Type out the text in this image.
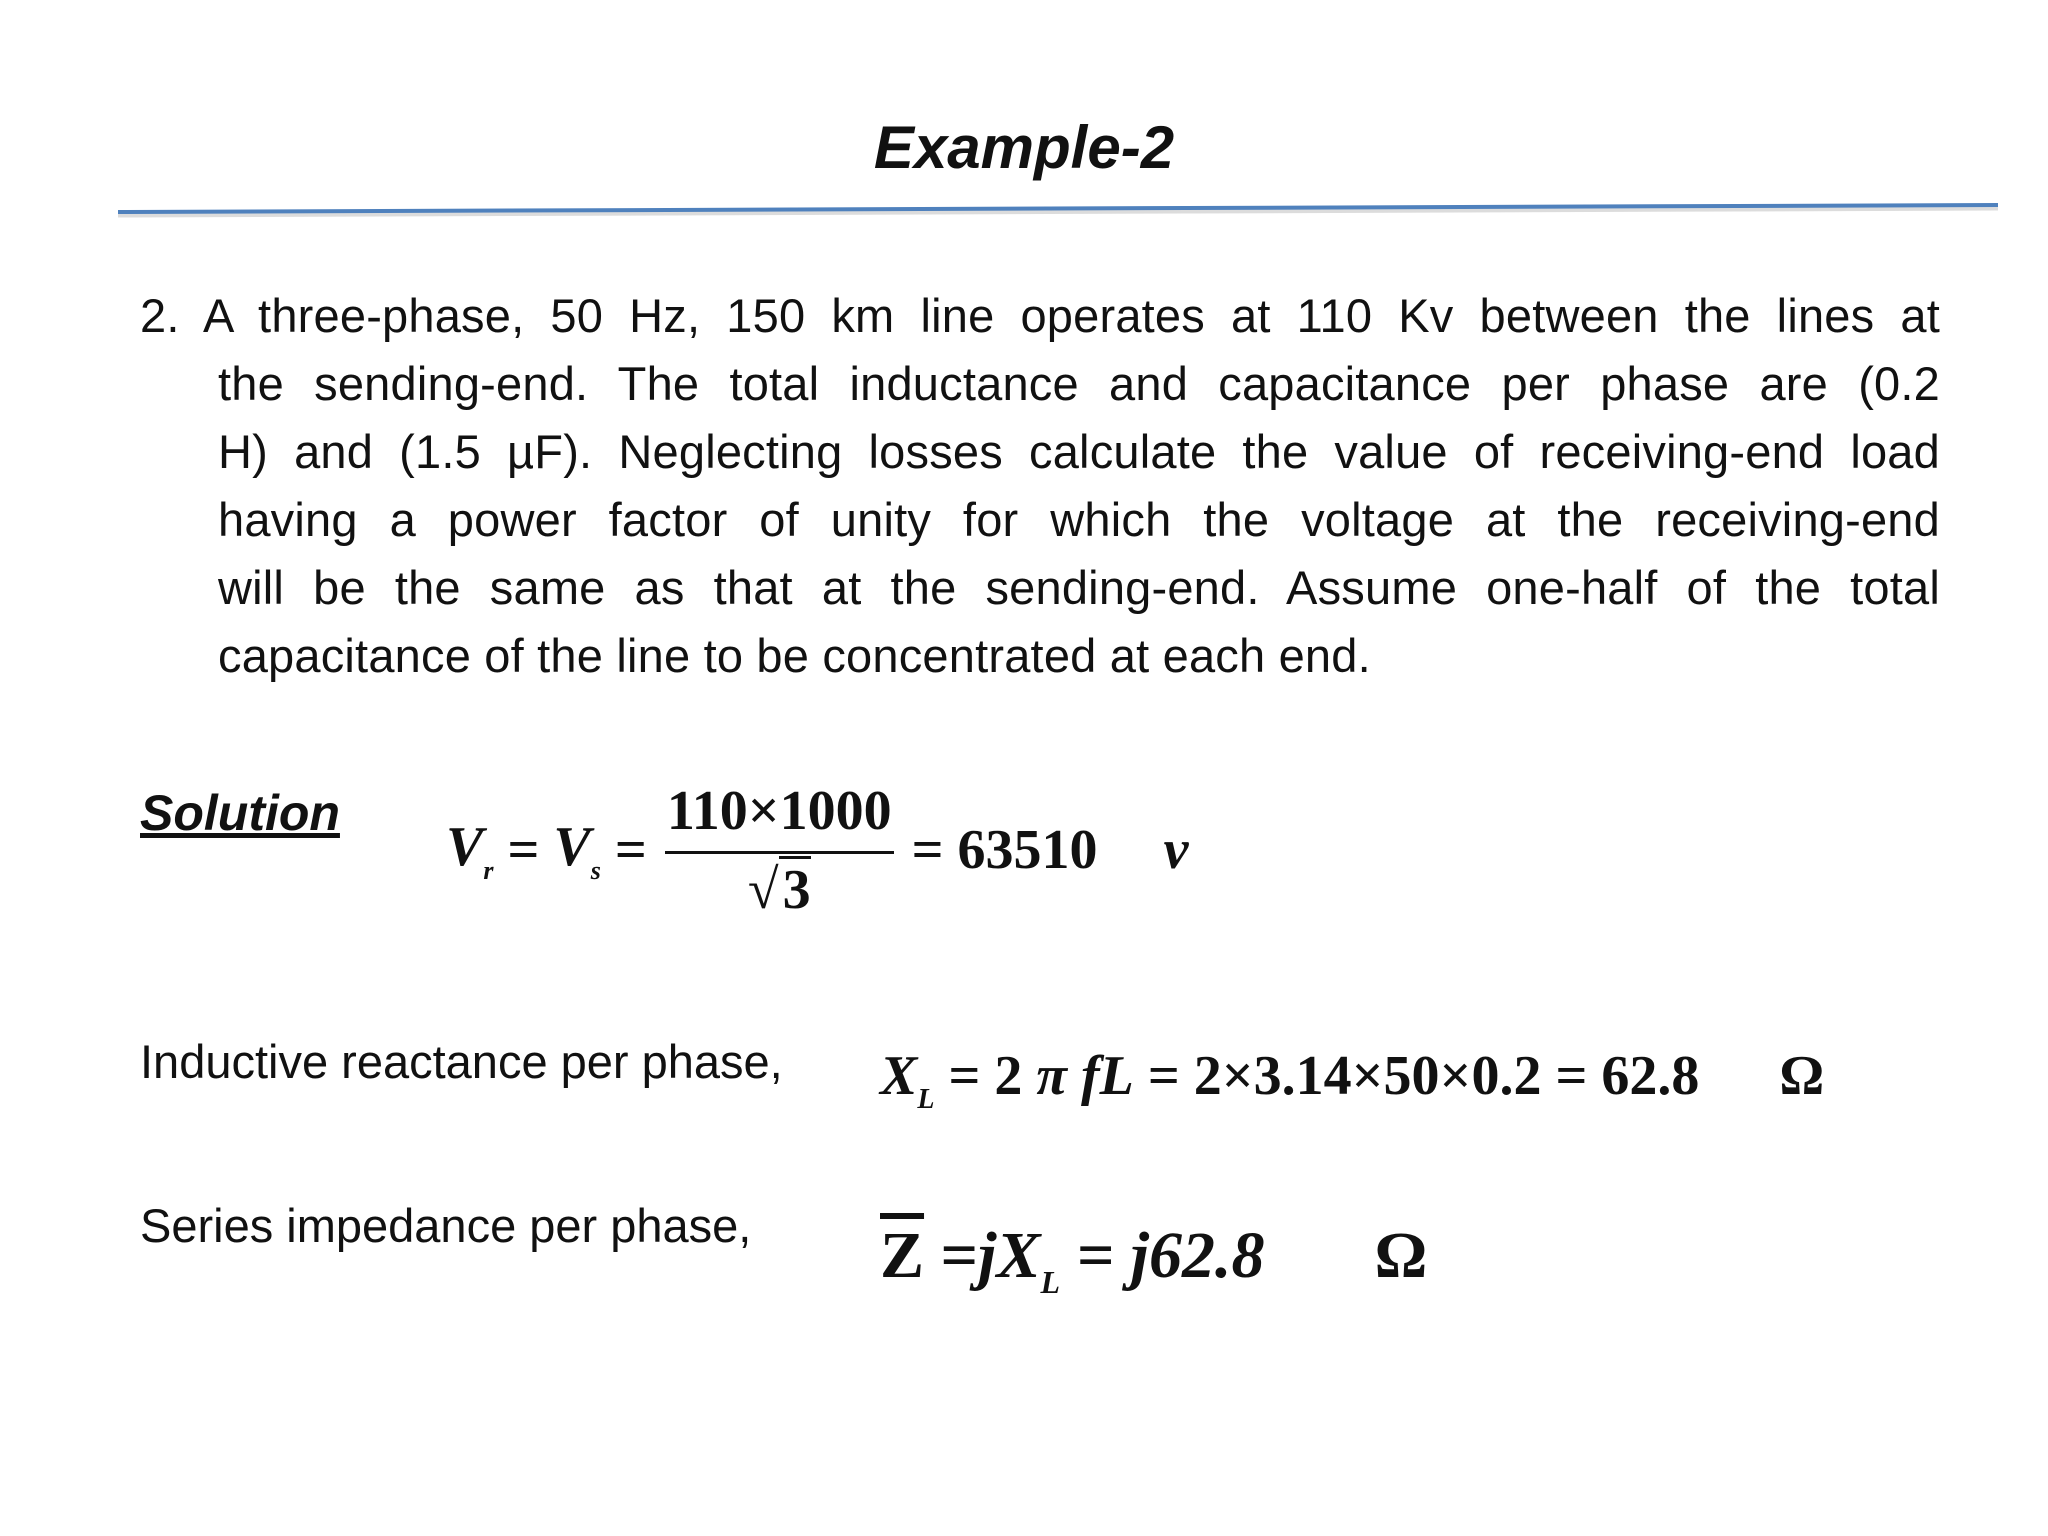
Example-2
2. A three-phase, 50 Hz, 150 km line operates at 110 Kv between the lines at
the sending-end. The total inductance and capacitance per phase are (0.2
H) and (1.5 µF). Neglecting losses calculate the value of receiving-end load
having a power factor of unity for which the voltage at the receiving-end
will be the same as that at the sending-end. Assume one-half of the total
capacitance of the line to be concentrated at each end.
Solution
$V_r = V_s = \frac{110\times 1000}{√3} = 63510$ v
Inductive reactance per phase, $X_L = 2$ π fL = 2×3.14×50×0.2 = 62.8 Ω
Series impedance per phase, $\overline{Z} =jX_L = j62.8$ Ω
